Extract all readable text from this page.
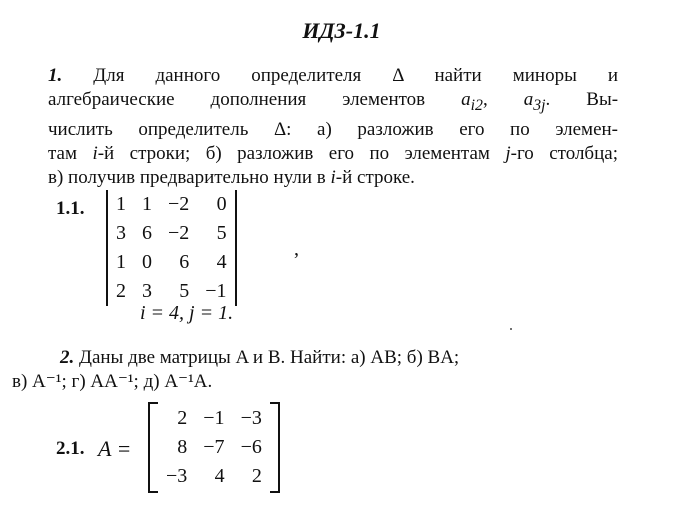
ИДЗ-1.1
1. Для данного определителя Δ найти миноры и
алгебраические дополнения элементов $a_{i2}$, $a_{3j}$. Вы-
числить определитель Δ: а) разложив его по элемен-
там i-й строки; б) разложив его по элементам j-го столбца;
в) получив предварительно нули в i-й строке.
1.1. 1	1	−2	0
3	6	−2	5
1	0	6	4
2	3	5	−1
,
i = 4, j = 1.
2. Даны две матрицы A и B. Найти: а) AB; б) BA;
в) A⁻¹; г) AA⁻¹; д) A⁻¹A.
2.1. A =
2	−1	−3
8	−7	−6
−3	4	2
